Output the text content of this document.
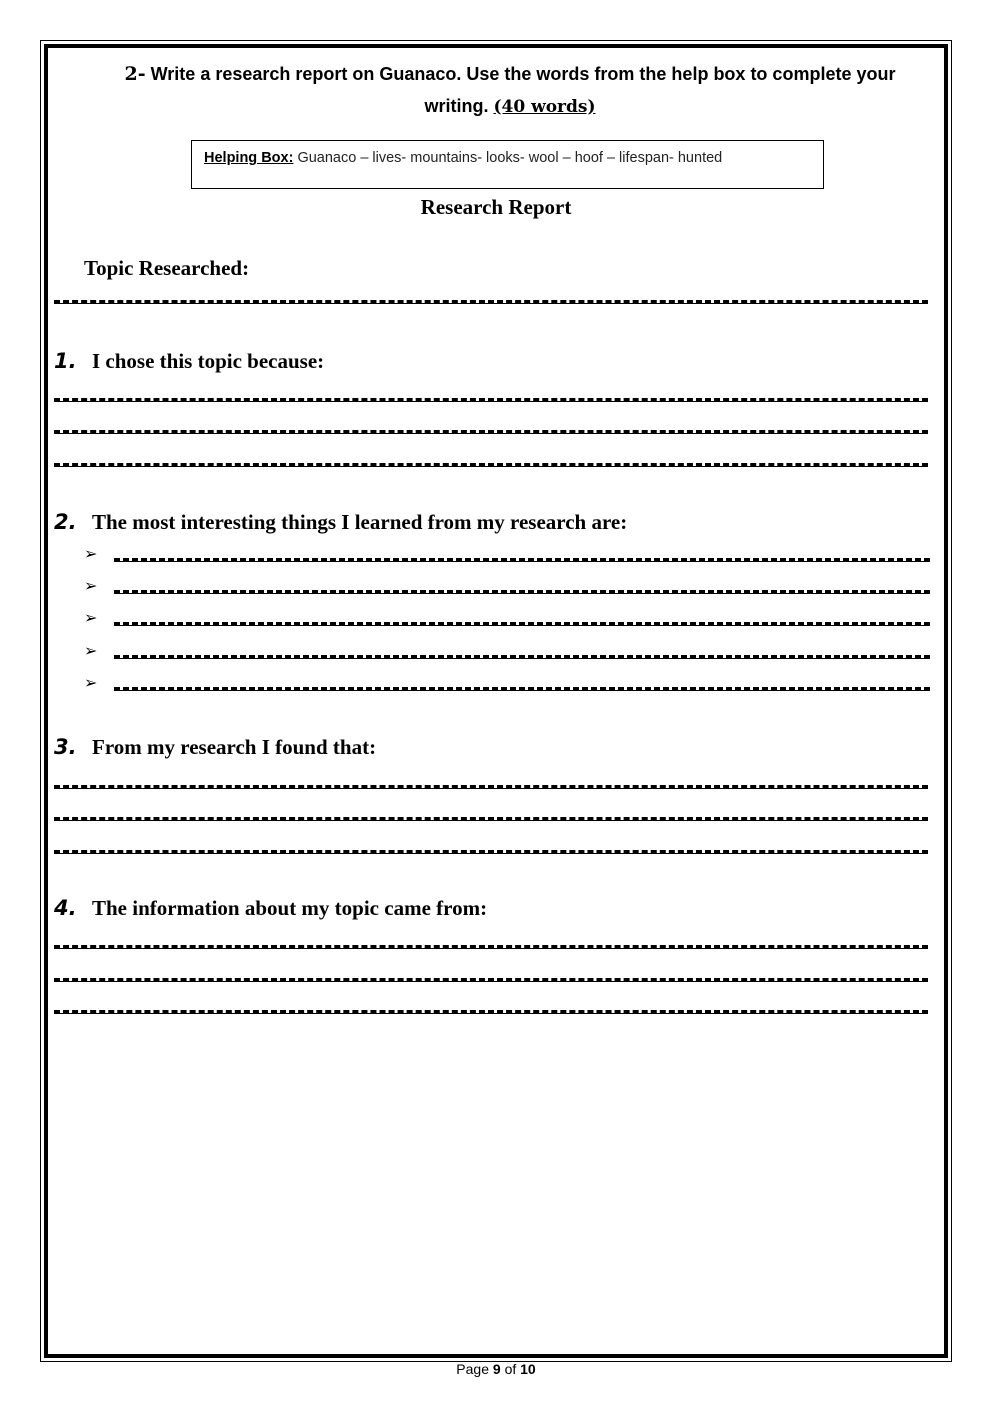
2- Write a research report on Guanaco. Use the words from the help box to complete your writing. (40 words)
Helping Box: Guanaco – lives- mountains- looks- wool – hoof – lifespan- hunted
Research Report
Topic Researched:
1. I chose this topic because:
2. The most interesting things I learned from my research are:
➢
➢
➢
➢
➢
3. From my research I found that:
4. The information about my topic came from:
Page 9 of 10
